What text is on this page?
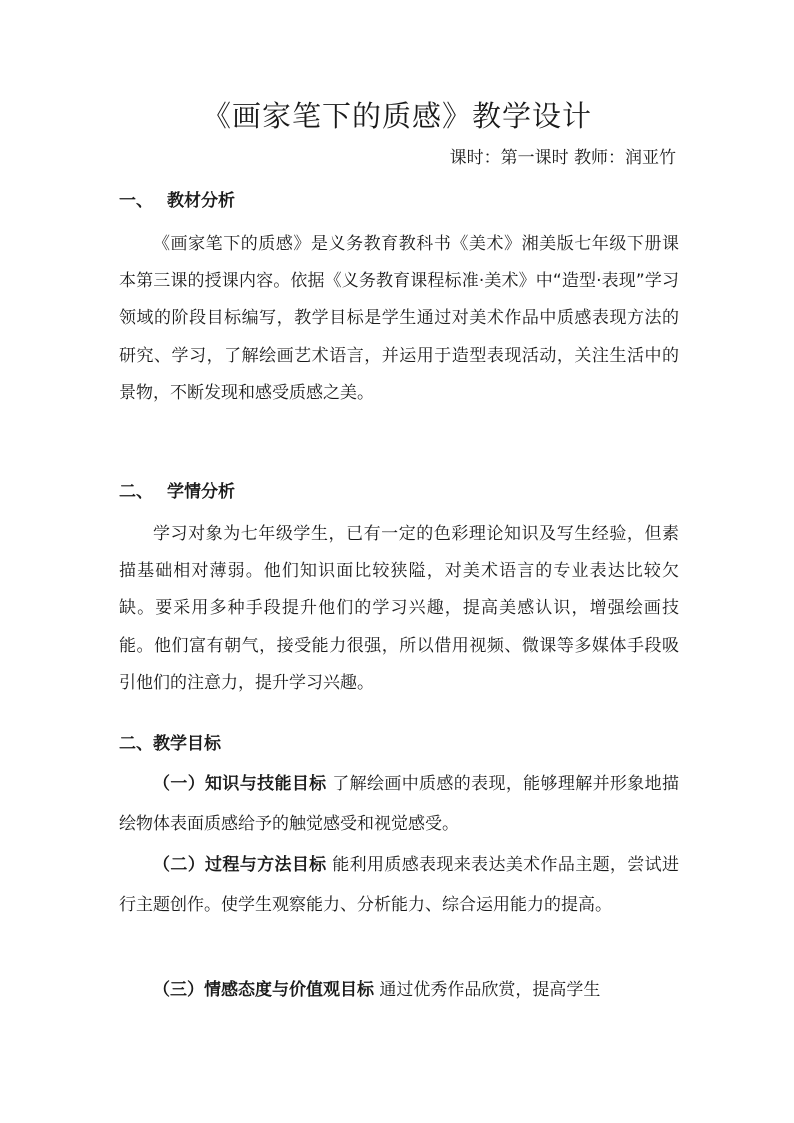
《画家笔下的质感》教学设计
课时：第一课时 教师：润亚竹
一、 教材分析
《画家笔下的质感》是义务教育教科书《美术》湘美版七年级下册课本第三课的授课内容。依据《义务教育课程标准·美术》中“造型·表现”学习领域的阶段目标编写，教学目标是学生通过对美术作品中质感表现方法的研究、学习，了解绘画艺术语言，并运用于造型表现活动，关注生活中的景物，不断发现和感受质感之美。
二、 学情分析
学习对象为七年级学生，已有一定的色彩理论知识及写生经验，但素描基础相对薄弱。他们知识面比较狭隘，对美术语言的专业表达比较欠缺。要采用多种手段提升他们的学习兴趣，提高美感认识，增强绘画技能。他们富有朝气，接受能力很强，所以借用视频、微课等多媒体手段吸引他们的注意力，提升学习兴趣。
二、教学目标
（一）知识与技能目标 了解绘画中质感的表现，能够理解并形象地描绘物体表面质感给予的触觉感受和视觉感受。
（二）过程与方法目标 能利用质感表现来表达美术作品主题，尝试进行主题创作。使学生观察能力、分析能力、综合运用能力的提高。
（三）情感态度与价值观目标 通过优秀作品欣赏，提高学生
